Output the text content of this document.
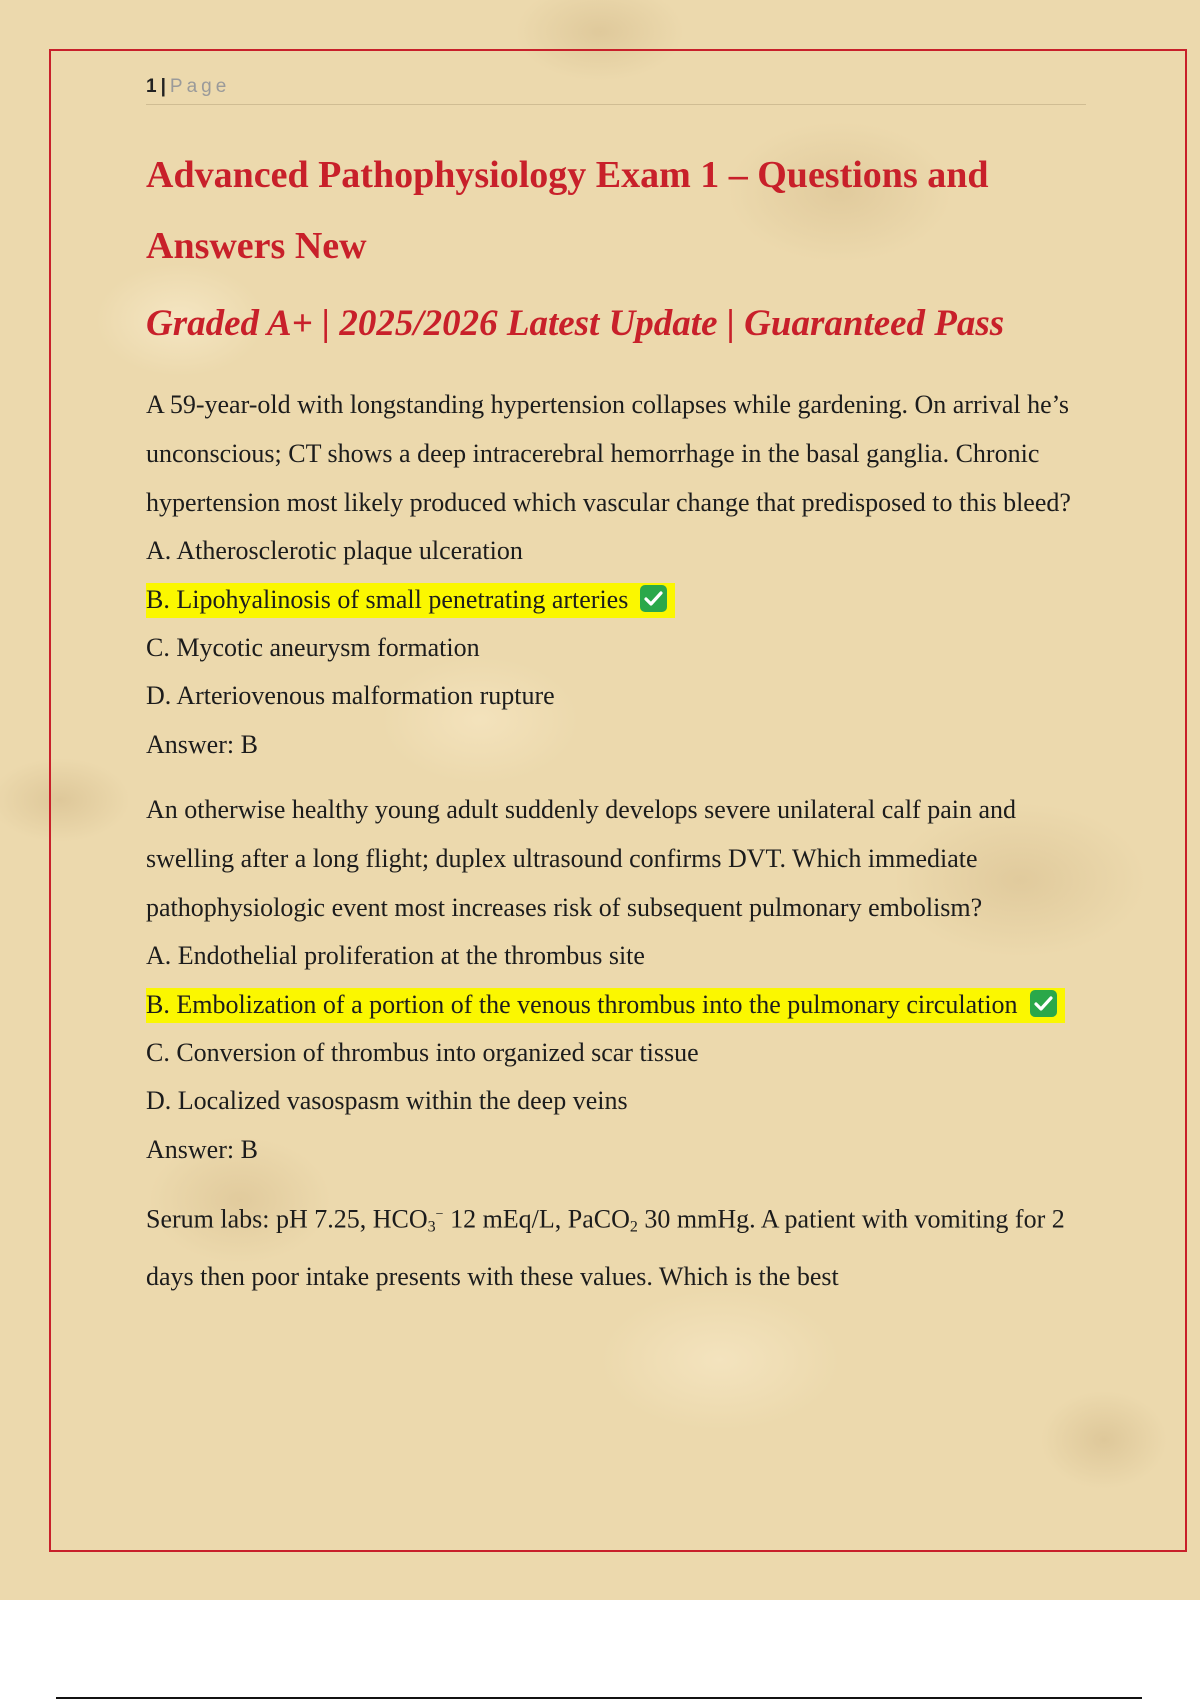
1 | Page
Advanced Pathophysiology Exam 1 – Questions and Answers New
Graded A+ | 2025/2026 Latest Update | Guaranteed Pass

A 59-year-old with longstanding hypertension collapses while gardening. On arrival he’s unconscious; CT shows a deep intracerebral hemorrhage in the basal ganglia. Chronic hypertension most likely produced which vascular change that predisposed to this bleed?

A. Atherosclerotic plaque ulceration

B. Lipohyalinosis of small penetrating arteries

C. Mycotic aneurysm formation

D. Arteriovenous malformation rupture

Answer: B

An otherwise healthy young adult suddenly develops severe unilateral calf pain and swelling after a long flight; duplex ultrasound confirms DVT. Which immediate pathophysiologic event most increases risk of subsequent pulmonary embolism?

A. Endothelial proliferation at the thrombus site

B. Embolization of a portion of the venous thrombus into the pulmonary circulation

C. Conversion of thrombus into organized scar tissue

D. Localized vasospasm within the deep veins

Answer: B

Serum labs: pH 7.25, $HCO_3^-$ 12 mEq/L, PaCO$_2$ 30 mmHg. A patient with vomiting for 2 days then poor intake presents with these values. Which is the best
